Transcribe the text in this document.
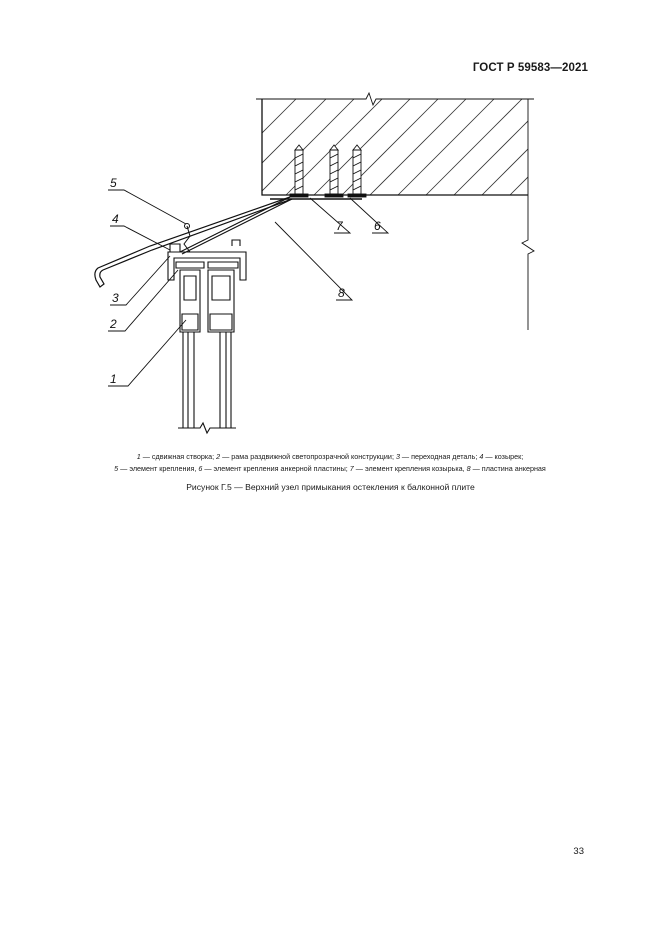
ГОСТ Р 59583—2021
1
2
3
4
5
6
7
8
1 — сдвижная створка; 2 — рама раздвижной светопрозрачной конструкции; 3 — переходная деталь; 4 — козырек;
5 — элемент крепления, 6 — элемент крепления анкерной пластины; 7 — элемент крепления козырька, 8 — пластина анкерная
Рисунок Г.5 — Верхний узел примыкания остекления к балконной плите
33
